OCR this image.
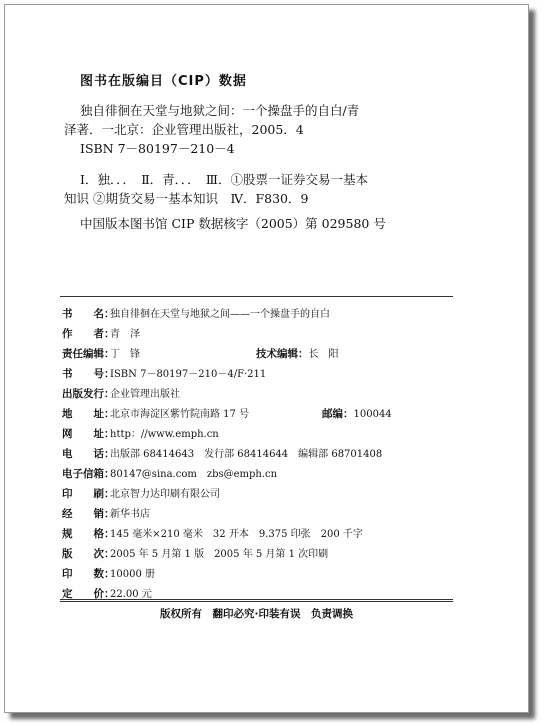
图书在版编目（CIP）数据
独自徘徊在天堂与地狱之间：一个操盘手的自白/青
泽著．一北京：企业管理出版社，2005．4
ISBN 7－80197－210－4
Ⅰ．独．．．　Ⅱ．青．．．　Ⅲ．①股票一证券交易一基本
知识 ②期货交易一基本知识　Ⅳ．F830．9
中国版本图书馆 CIP 数据核字（2005）第 029580 号
书　　名：独自徘徊在天堂与地狱之间——一个操盘手的自白
作　　者：青　泽
责任编辑：丁　锋	技术编辑：长　阳
书　　号：ISBN 7－80197－210－4/F·211
出版发行：企业管理出版社
地　　址：北京市海淀区紫竹院南路 17 号	邮编：100044
网　　址：http：//www.emph.cn
电　　话：出版部 68414643　发行部 68414644　编辑部 68701408
电子信箱：80147@sina.com　zbs@emph.cn
印　　刷：北京智力达印刷有限公司
经　　销：新华书店
规　　格：145 毫米×210 毫米　32 开本　9.375 印张　200 千字
版　　次：2005 年 5 月第 1 版　2005 年 5 月第 1 次印刷
印　　数：10000 册
定　　价：22.00 元
版权所有　翻印必究·印装有误　负责调换
